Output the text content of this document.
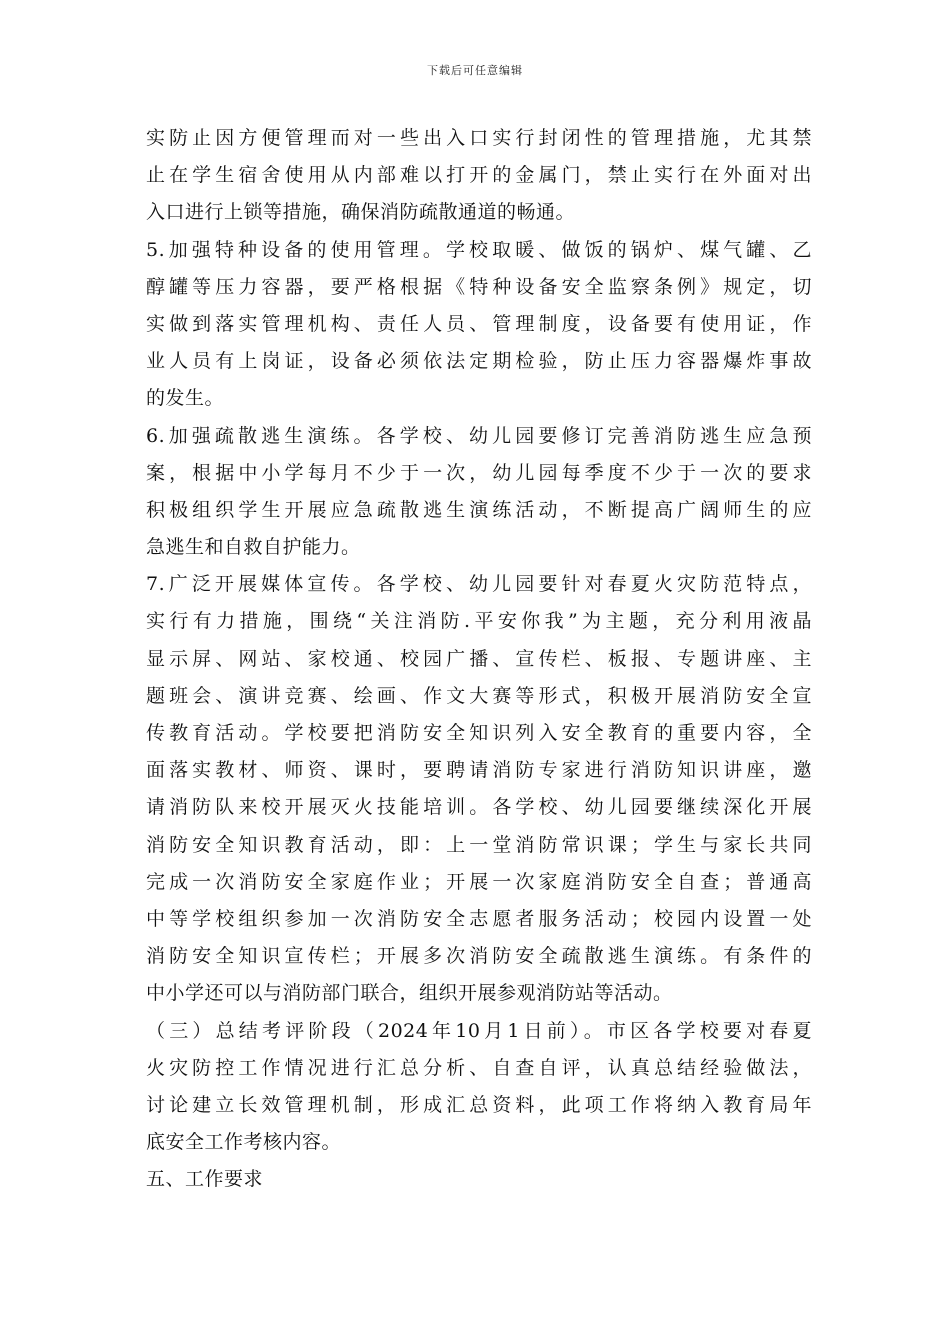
下载后可任意编辑
实防止因方便管理而对一些出入口实行封闭性的管理措施，尤其禁
止在学生宿舍使用从内部难以打开的金属门，禁止实行在外面对出
入口进行上锁等措施，确保消防疏散通道的畅通。
5.加强特种设备的使用管理。学校取暖、做饭的锅炉、煤气罐、乙
醇罐等压力容器，要严格根据《特种设备安全监察条例》规定，切
实做到落实管理机构、责任人员、管理制度，设备要有使用证，作
业人员有上岗证，设备必须依法定期检验，防止压力容器爆炸事故
的发生。
6.加强疏散逃生演练。各学校、幼儿园要修订完善消防逃生应急预
案，根据中小学每月不少于一次，幼儿园每季度不少于一次的要求
积极组织学生开展应急疏散逃生演练活动，不断提高广阔师生的应
急逃生和自救自护能力。
7.广泛开展媒体宣传。各学校、幼儿园要针对春夏火灾防范特点，
实行有力措施，围绕“关注消防.平安你我”为主题，充分利用液晶
显示屏、网站、家校通、校园广播、宣传栏、板报、专题讲座、主
题班会、演讲竞赛、绘画、作文大赛等形式，积极开展消防安全宣
传教育活动。学校要把消防安全知识列入安全教育的重要内容，全
面落实教材、师资、课时，要聘请消防专家进行消防知识讲座，邀
请消防队来校开展灭火技能培训。各学校、幼儿园要继续深化开展
消防安全知识教育活动，即：上一堂消防常识课；学生与家长共同
完成一次消防安全家庭作业；开展一次家庭消防安全自查；普通高
中等学校组织参加一次消防安全志愿者服务活动；校园内设置一处
消防安全知识宣传栏；开展多次消防安全疏散逃生演练。有条件的
中小学还可以与消防部门联合，组织开展参观消防站等活动。
（三）总结考评阶段（2024年10月1日前）。市区各学校要对春夏
火灾防控工作情况进行汇总分析、自查自评，认真总结经验做法，
讨论建立长效管理机制，形成汇总资料，此项工作将纳入教育局年
底安全工作考核内容。
五、工作要求
